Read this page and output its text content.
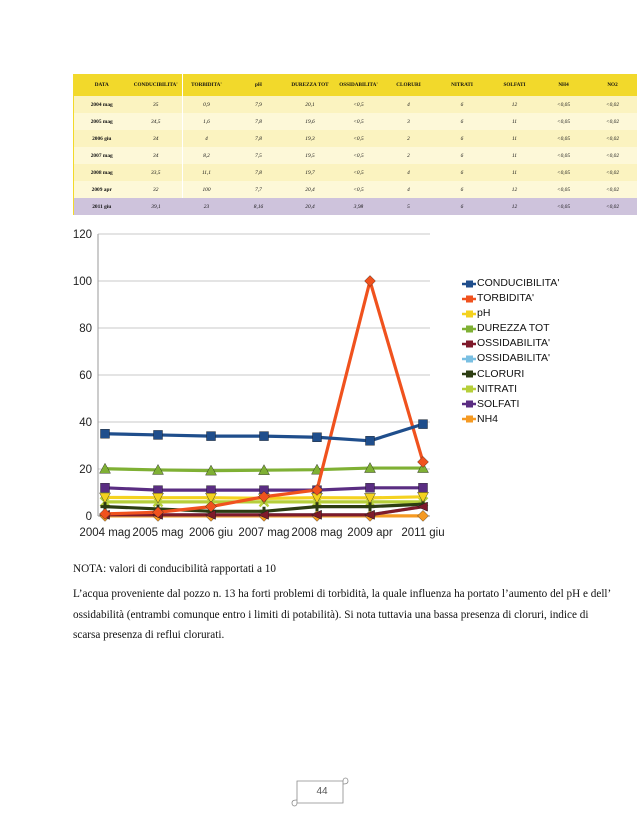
DATA	CONDUCIBILITA'	TORBIDITA'	pH	DUREZZA TOT	OSSIDABILITA'	CLORURI	NITRATI	SOLFATI	NH4	NO2
2004 mag	35	0,9	7,9	20,1	<0,5	4	6	12	<0,05	<0,02
2005 mag	34,5	1,6	7,8	19,6	<0,5	3	6	11	<0,05	<0,02
2006 giu	34	4	7,8	19,3	<0,5	2	6	11	<0,05	<0,02
2007 mag	34	8,2	7,5	19,5	<0,5	2	6	11	<0,05	<0,02
2008 mag	33,5	11,1	7,8	19,7	<0,5	4	6	11	<0,05	<0,02
2009 apr	32	100	7,7	20,4	<0,5	4	6	12	<0,05	<0,02
2011 giu	39,1	23	8,16	20,4	3,98	5	6	12	<0,05	<0,02
0
20
40
60
80
100
120
2004 mag 2005 mag 2006 giu 2007 mag 2008 mag 2009 apr 2011 giu
CONDUCIBILITA'
TORBIDITA'
pH
DUREZZA TOT
OSSIDABILITA'
OSSIDABILITA'
CLORURI
NITRATI
SOLFATI
NH4

NOTA: valori di conducibilità rapportati a 10

L’acqua proveniente dal pozzo n. 13 ha forti problemi di torbidità, la quale influenza ha portato l’aumento del pH e dell’ ossidabilità (entrambi comunque entro i limiti di potabilità). Si nota tuttavia una bassa presenza di cloruri, indice di scarsa presenza di reflui clorurati.

44
